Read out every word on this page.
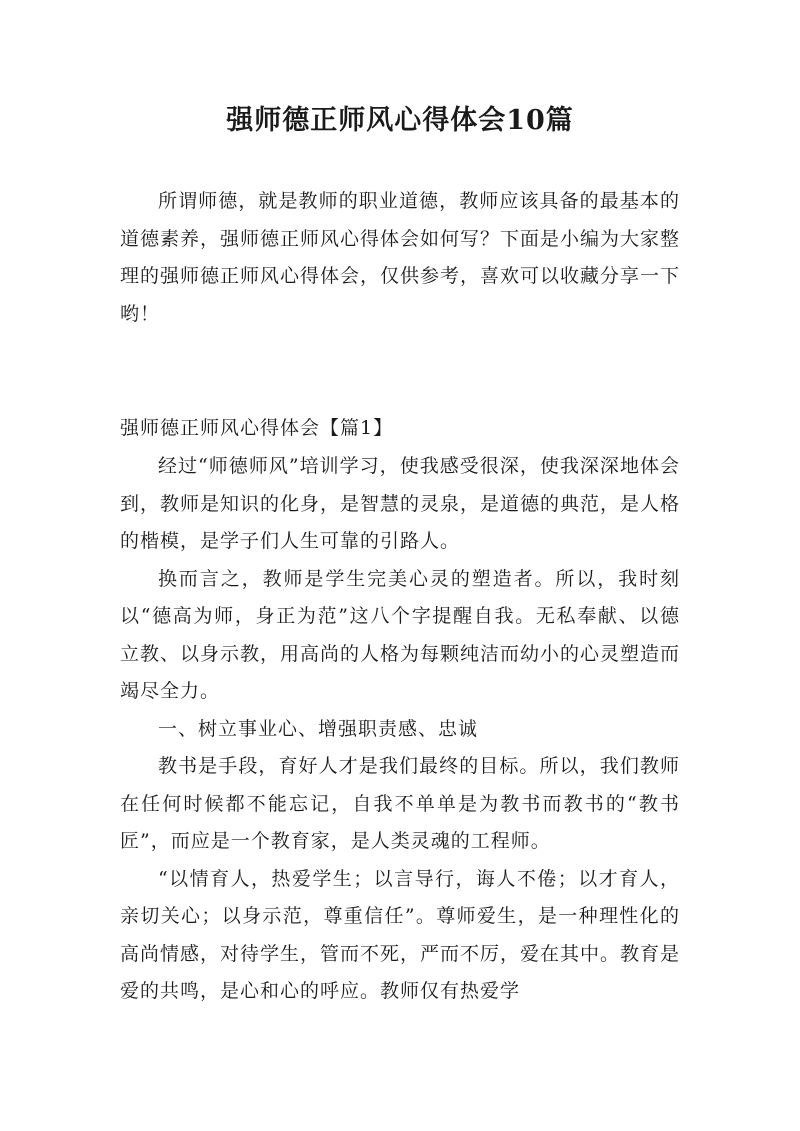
强师德正师风心得体会10篇

所谓师德，就是教师的职业道德，教师应该具备的最基本的道德素养，强师德正师风心得体会如何写？下面是小编为大家整理的强师德正师风心得体会，仅供参考，喜欢可以收藏分享一下哟！

强师德正师风心得体会【篇1】

经过“师德师风”培训学习，使我感受很深，使我深深地体会到，教师是知识的化身，是智慧的灵泉，是道德的典范，是人格的楷模，是学子们人生可靠的引路人。

换而言之，教师是学生完美心灵的塑造者。所以，我时刻以“德高为师，身正为范”这八个字提醒自我。无私奉献、以德立教、以身示教，用高尚的人格为每颗纯洁而幼小的心灵塑造而竭尽全力。

一、树立事业心、增强职责感、忠诚

教书是手段，育好人才是我们最终的目标。所以，我们教师在任何时候都不能忘记，自我不单单是为教书而教书的“教书匠”，而应是一个教育家，是人类灵魂的工程师。

“以情育人，热爱学生；以言导行，诲人不倦；以才育人，亲切关心；以身示范，尊重信任”。尊师爱生，是一种理性化的高尚情感，对待学生，管而不死，严而不厉，爱在其中。教育是爱的共鸣，是心和心的呼应。教师仅有热爱学
